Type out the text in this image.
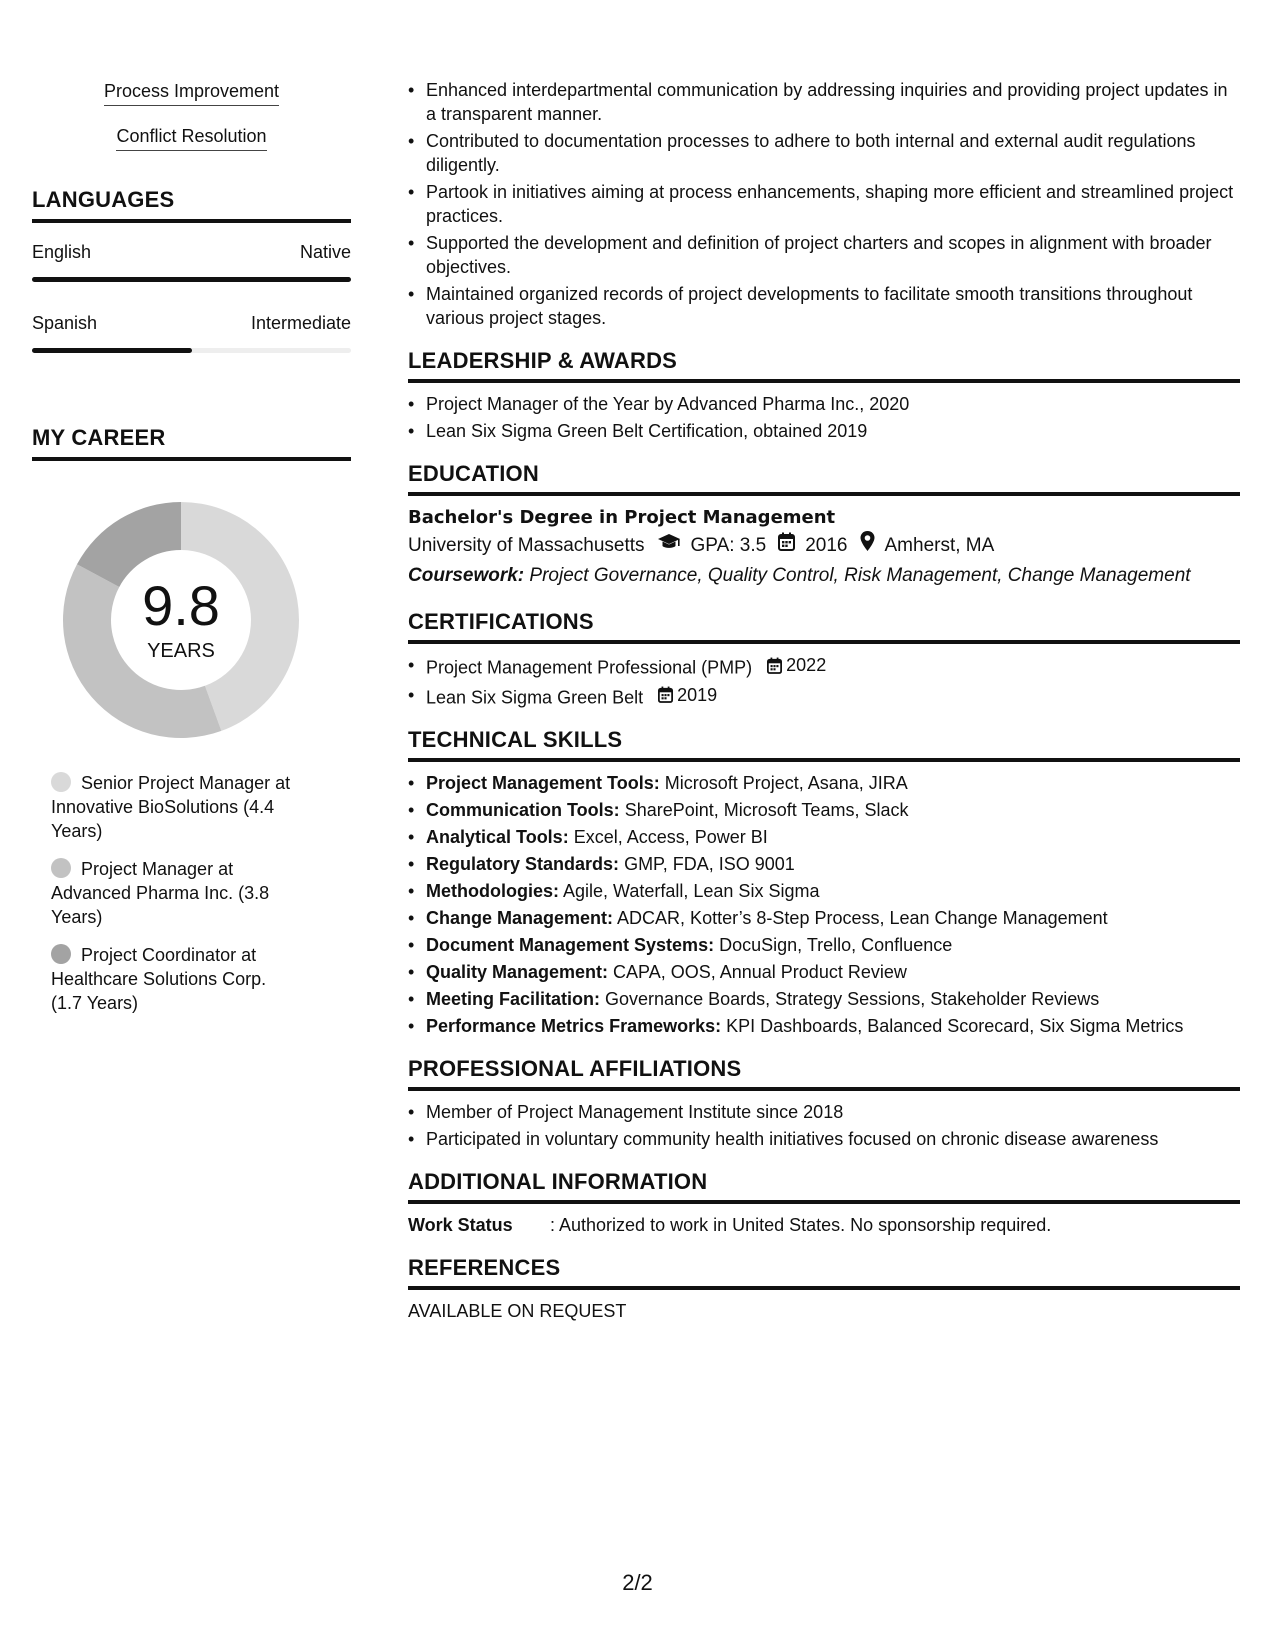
Process Improvement
Conflict Resolution
LANGUAGES
English	Native
Spanish	Intermediate
MY CAREER
9.8
YEARS
Senior Project Manager at Innovative BioSolutions (4.4 Years)
Project Manager at Advanced Pharma Inc. (3.8 Years)
Project Coordinator at Healthcare Solutions Corp. (1.7 Years)
• Enhanced interdepartmental communication by addressing inquiries and providing project updates in a transparent manner.
• Contributed to documentation processes to adhere to both internal and external audit regulations diligently.
• Partook in initiatives aiming at process enhancements, shaping more efficient and streamlined project practices.
• Supported the development and definition of project charters and scopes in alignment with broader objectives.
• Maintained organized records of project developments to facilitate smooth transitions throughout various project stages.
LEADERSHIP & AWARDS
• Project Manager of the Year by Advanced Pharma Inc., 2020
• Lean Six Sigma Green Belt Certification, obtained 2019
EDUCATION
Bachelor's Degree in Project Management
University of Massachusetts GPA: 3.5 2016 Amherst, MA
Coursework: Project Governance, Quality Control, Risk Management, Change Management
CERTIFICATIONS
• Project Management Professional (PMP) 2022
• Lean Six Sigma Green Belt 2019
TECHNICAL SKILLS
• Project Management Tools: Microsoft Project, Asana, JIRA
• Communication Tools: SharePoint, Microsoft Teams, Slack
• Analytical Tools: Excel, Access, Power BI
• Regulatory Standards: GMP, FDA, ISO 9001
• Methodologies: Agile, Waterfall, Lean Six Sigma
• Change Management: ADCAR, Kotter’s 8-Step Process, Lean Change Management
• Document Management Systems: DocuSign, Trello, Confluence
• Quality Management: CAPA, OOS, Annual Product Review
• Meeting Facilitation: Governance Boards, Strategy Sessions, Stakeholder Reviews
• Performance Metrics Frameworks: KPI Dashboards, Balanced Scorecard, Six Sigma Metrics
PROFESSIONAL AFFILIATIONS
• Member of Project Management Institute since 2018
• Participated in voluntary community health initiatives focused on chronic disease awareness
ADDITIONAL INFORMATION
Work Status	: Authorized to work in United States. No sponsorship required.
REFERENCES
AVAILABLE ON REQUEST
2/2
